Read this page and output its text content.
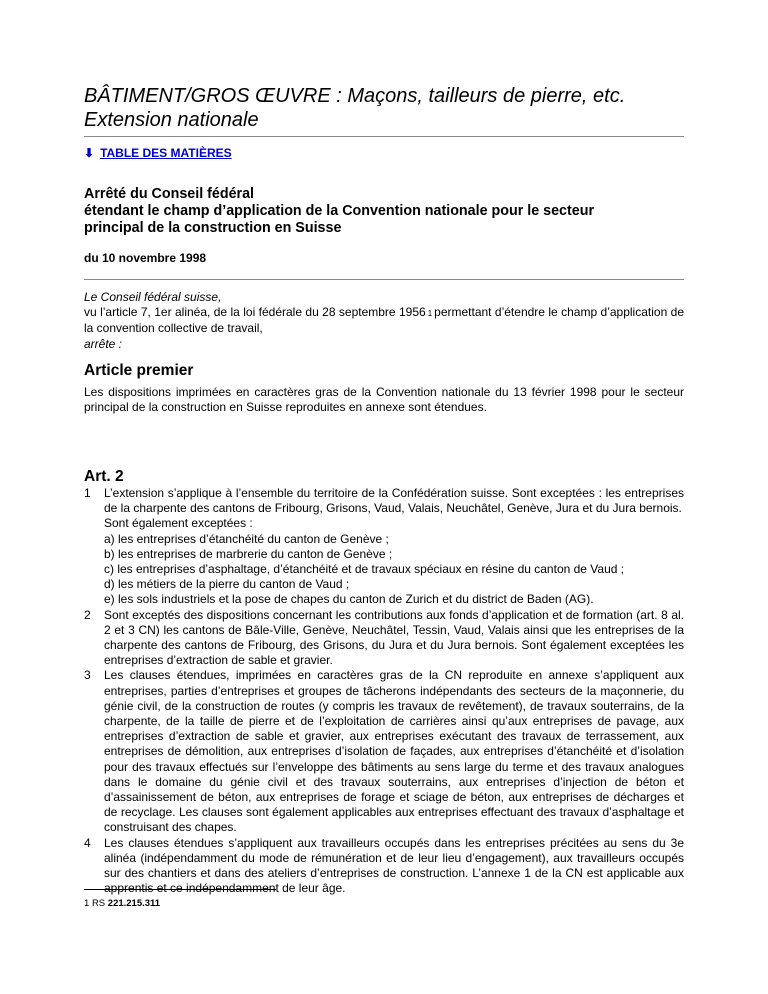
BÂTIMENT/GROS ŒUVRE : Maçons, tailleurs de pierre, etc.
Extension nationale
⬇ TABLE DES MATIÈRES
Arrêté du Conseil fédéral
étendant le champ d’application de la Convention nationale pour le secteur
principal de la construction en Suisse
du 10 novembre 1998
Le Conseil fédéral suisse,
vu l’article 7, 1er alinéa, de la loi fédérale du 28 septembre 1956 1 permettant d’étendre le champ d’application de la convention collective de travail,
arrête :
Article premier
Les dispositions imprimées en caractères gras de la Convention nationale du 13 février 1998 pour le secteur principal de la construction en Suisse reproduites en annexe sont étendues.
Art. 2
1 L’extension s’applique à l’ensemble du territoire de la Confédération suisse. Sont exceptées : les entreprises de la charpente des cantons de Fribourg, Grisons, Vaud, Valais, Neuchâtel, Genève, Jura et du Jura bernois.
Sont également exceptées :
a) les entreprises d’étanchéité du canton de Genève ;
b) les entreprises de marbrerie du canton de Genève ;
c) les entreprises d’asphaltage, d’étanchéité et de travaux spéciaux en résine du canton de Vaud ;
d) les métiers de la pierre du canton de Vaud ;
e) les sols industriels et la pose de chapes du canton de Zurich et du district de Baden (AG).
2 Sont exceptés des dispositions concernant les contributions aux fonds d’application et de formation (art. 8 al. 2 et 3 CN) les cantons de Bâle-Ville, Genève, Neuchâtel, Tessin, Vaud, Valais ainsi que les entreprises de la charpente des cantons de Fribourg, des Grisons, du Jura et du Jura bernois. Sont également exceptées les entreprises d’extraction de sable et gravier.
3 Les clauses étendues, imprimées en caractères gras de la CN reproduite en annexe s’appliquent aux entreprises, parties d’entreprises et groupes de tâcherons indépendants des secteurs de la maçonnerie, du génie civil, de la construction de routes (y compris les travaux de revêtement), de travaux souterrains, de la charpente, de la taille de pierre et de l’exploitation de carrières ainsi qu’aux entreprises de pavage, aux entreprises d’extraction de sable et gravier, aux entreprises exécutant des travaux de terrassement, aux entreprises de démolition, aux entreprises d’isolation de façades, aux entreprises d’étanchéité et d’isolation pour des travaux effectués sur l’enveloppe des bâtiments au sens large du terme et des travaux analogues dans le domaine du génie civil et des travaux souterrains, aux entreprises d’injection de béton et d’assainissement de béton, aux entreprises de forage et sciage de béton, aux entreprises de décharges et de recyclage. Les clauses sont également applicables aux entreprises effectuant des travaux d’asphaltage et construisant des chapes.
4 Les clauses étendues s’appliquent aux travailleurs occupés dans les entreprises précitées au sens du 3e alinéa (indépendamment du mode de rémunération et de leur lieu d’engagement), aux travailleurs occupés sur des chantiers et dans des ateliers d’entreprises de construction. L’annexe 1 de la CN est applicable aux apprentis et ce indépendamment de leur âge.
1 RS 221.215.311
